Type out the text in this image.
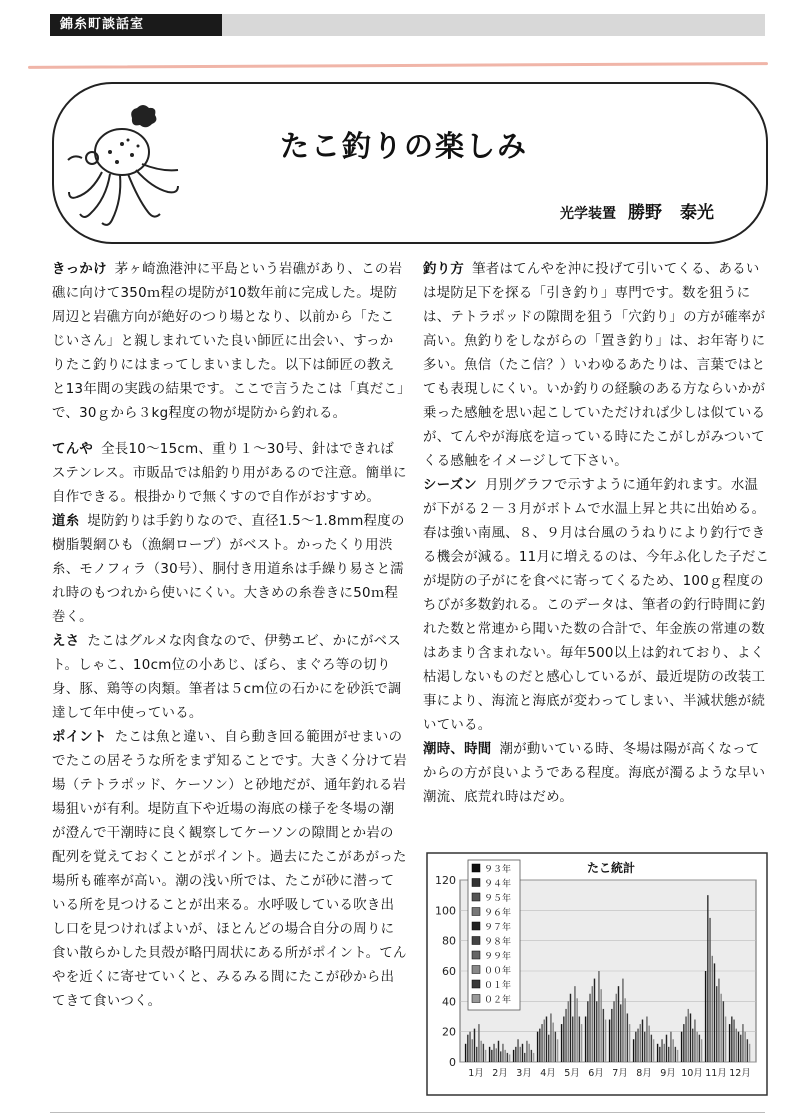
錦糸町談話室
たこ釣りの楽しみ
光学装置 勝野 泰光

きっかけ 茅ヶ崎漁港沖に平島という岩礁があり、この岩礁に向けて350ｍ程の堤防が10数年前に完成した。堤防周辺と岩礁方向が絶好のつり場となり、以前から「たこじいさん」と親しまれていた良い師匠に出会い、すっかりたこ釣りにはまってしまいました。以下は師匠の教えと13年間の実践の結果です。ここで言うたこは「真だこ」で、30ｇから３kg程度の物が堤防から釣れる。

てんや 全長10～15cm、重り１～30号、針はできればステンレス。市販品では船釣り用があるので注意。簡単に自作できる。根掛かりで無くすので自作がおすすめ。

道糸 堤防釣りは手釣りなので、直径1.5～1.8mm程度の樹脂製網ひも（漁網ロープ）がベスト。かったくり用渋糸、モノフィラ（30号）、胴付き用道糸は手繰り易さと濡れ時のもつれから使いにくい。大きめの糸巻きに50ｍ程巻く。

えさ たこはグルメな肉食なので、伊勢エビ、かにがベスト。しゃこ、10cm位の小あじ、ぼら、まぐろ等の切り身、豚、鶏等の肉類。筆者は５cm位の石かにを砂浜で調達して年中使っている。

ポイント たこは魚と違い、自ら動き回る範囲がせまいのでたこの居そうな所をまず知ることです。大きく分けて岩場（テトラポッド、ケーソン）と砂地だが、通年釣れる岩場狙いが有利。堤防直下や近場の海底の様子を冬場の潮が澄んで干潮時に良く観察してケーソンの隙間とか岩の配列を覚えておくことがポイント。過去にたこがあがった場所も確率が高い。潮の浅い所では、たこが砂に潜っている所を見つけることが出来る。水呼吸している吹き出し口を見つければよいが、ほとんどの場合自分の周りに食い散らかした貝殻が略円周状にある所がポイント。てんやを近くに寄せていくと、みるみる間にたこが砂から出てきて食いつく。

釣り方 筆者はてんやを沖に投げて引いてくる、あるいは堤防足下を探る「引き釣り」専門です。数を狙うには、テトラポッドの隙間を狙う「穴釣り」の方が確率が高い。魚釣りをしながらの「置き釣り」は、お年寄りに多い。魚信（たこ信？）いわゆるあたりは、言葉ではとても表現しにくい。いか釣りの経験のある方ならいかが乗った感触を思い起こしていただければ少しは似ているが、てんやが海底を這っている時にたこがしがみついてくる感触をイメージして下さい。

シーズン 月別グラフで示すように通年釣れます。水温が下がる２－３月がボトムで水温上昇と共に出始める。春は強い南風、８、９月は台風のうねりにより釣行できる機会が減る。11月に増えるのは、今年ふ化した子だこが堤防の子がにを食べに寄ってくるため、100ｇ程度のちびが多数釣れる。このデータは、筆者の釣行時間に釣れた数と常連から聞いた数の合計で、年金族の常連の数はあまり含まれない。毎年500以上は釣れており、よく枯渇しないものだと感心しているが、最近堤防の改装工事により、海流と海底が変わってしまい、半減状態が続いている。

潮時、時間 潮が動いている時、冬場は陽が高くなってからの方が良いようである程度。海底が濁るような早い潮流、底荒れ時はだめ。

0
20
40
60
80
100
120
たこ統計
1月 2月 3月 4月 5月 6月 7月 8月 9月 10月 11月 12月
９３年
９４年
９５年
９６年
９７年
９８年
９９年
００年
０１年
０２年
